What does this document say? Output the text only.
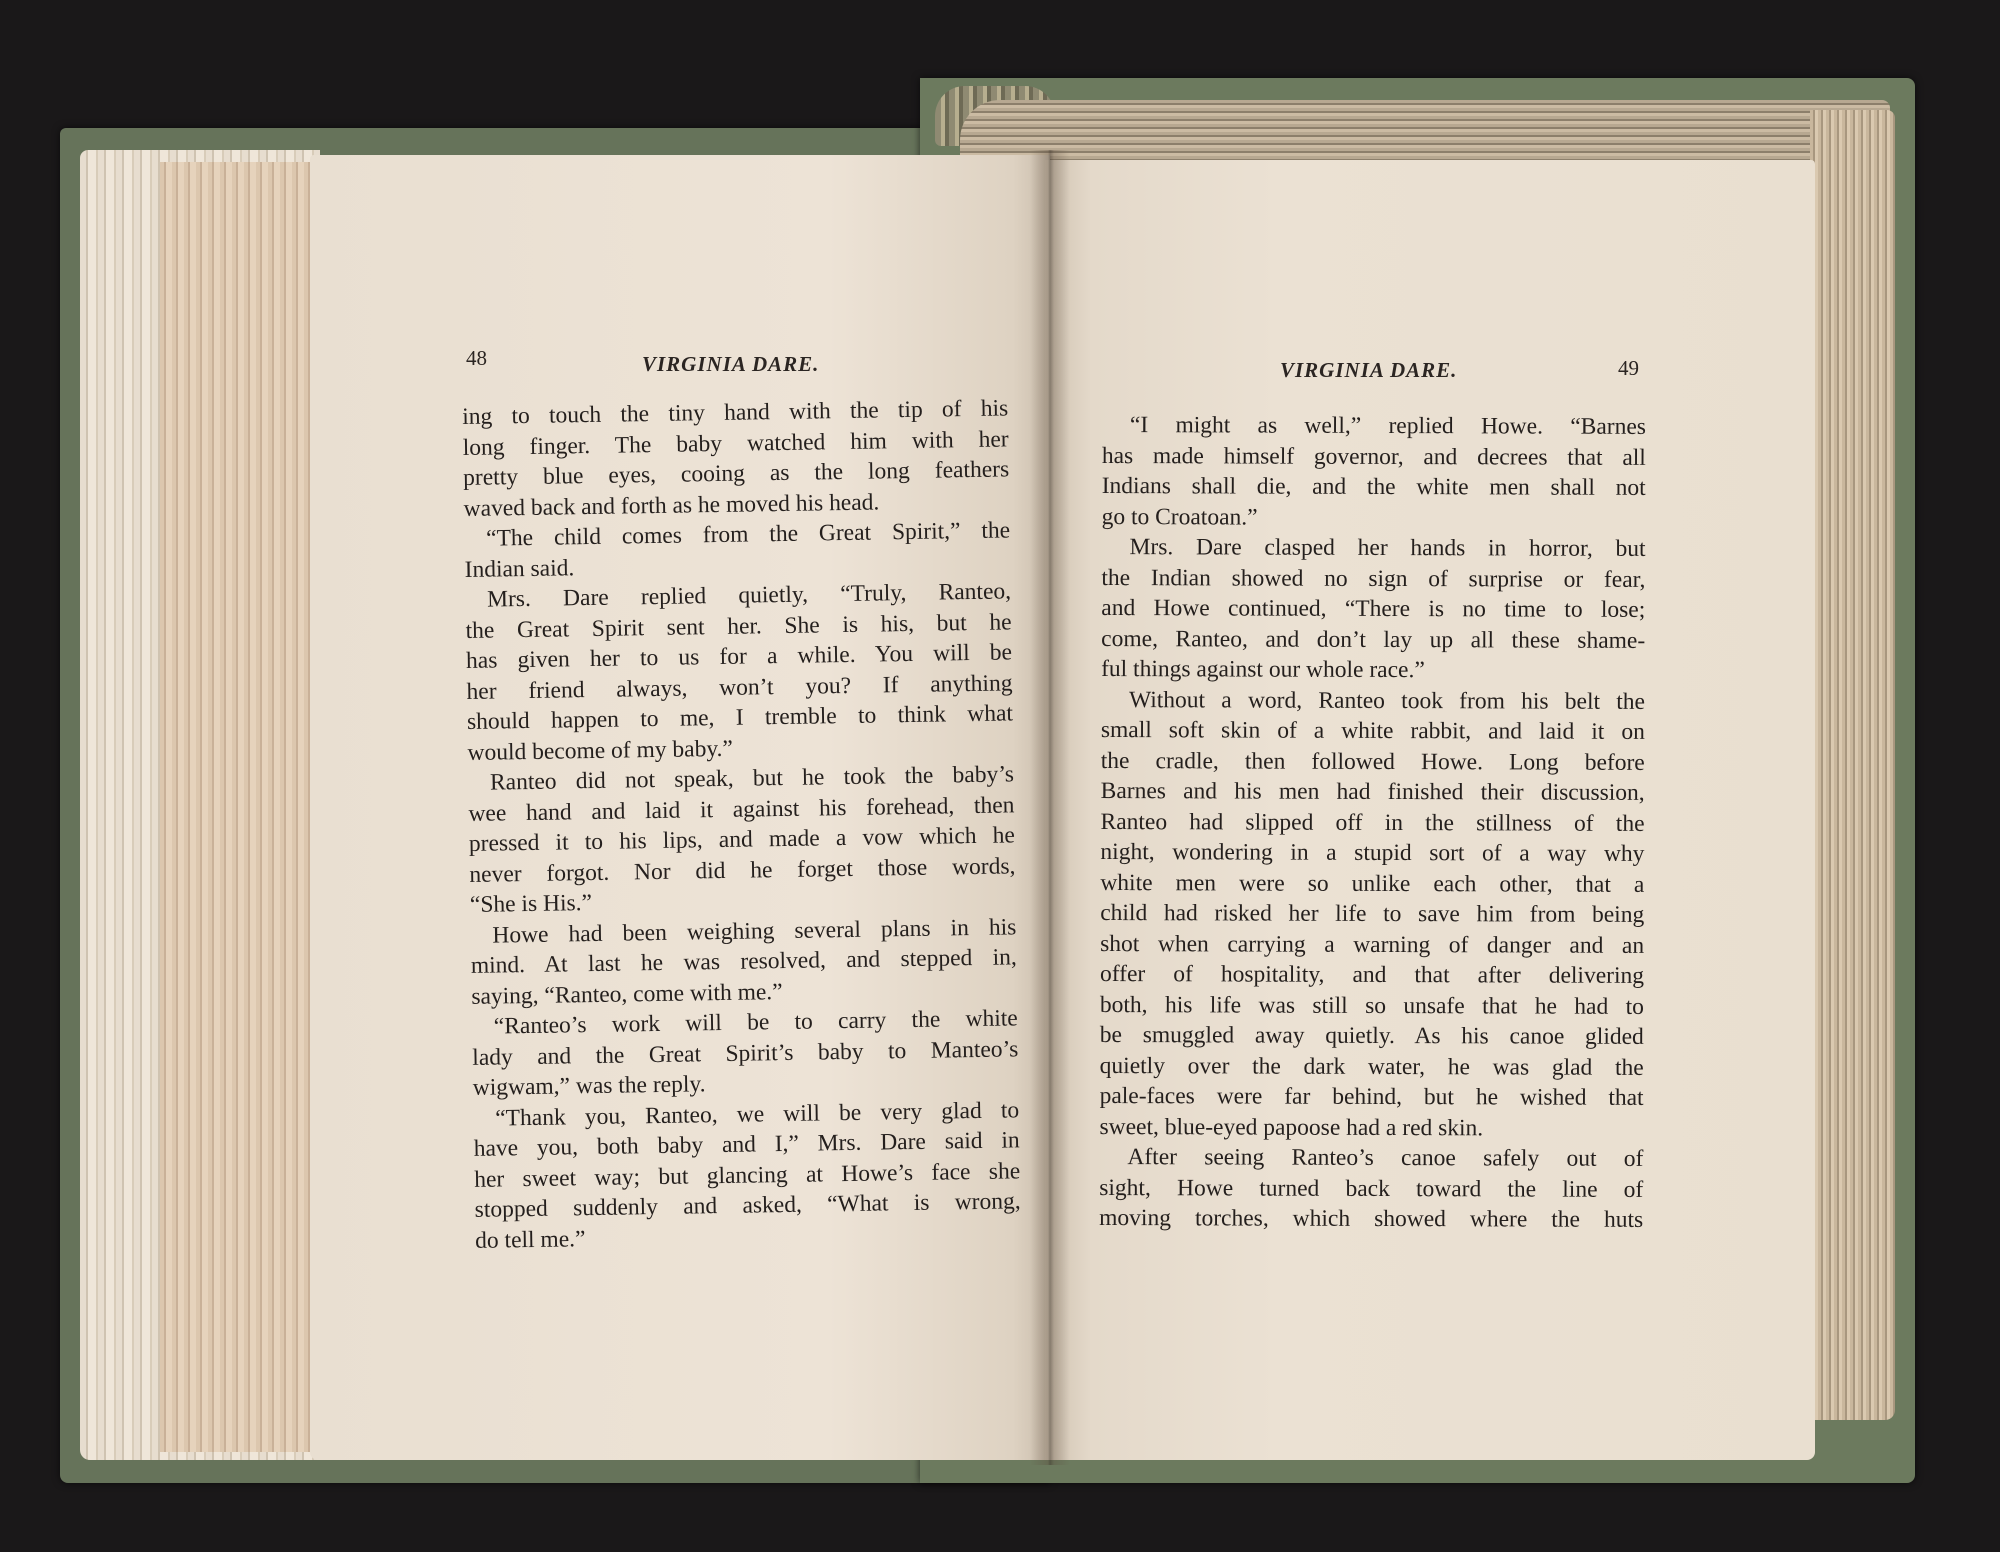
48	VIRGINIA DARE.	VIRGINIA DARE.	49
ing to touch the tiny hand with the tip of his
long finger. The baby watched him with her
pretty blue eyes, cooing as the long feathers
waved back and forth as he moved his head.
“The child comes from the Great Spirit,” the
Indian said.
Mrs. Dare replied quietly, “Truly, Ranteo,
the Great Spirit sent her. She is his, but he
has given her to us for a while. You will be
her friend always, won’t you? If anything
should happen to me, I tremble to think what
would become of my baby.”
Ranteo did not speak, but he took the baby’s
wee hand and laid it against his forehead, then
pressed it to his lips, and made a vow which he
never forgot. Nor did he forget those words,
“She is His.”
Howe had been weighing several plans in his
mind. At last he was resolved, and stepped in,
saying, “Ranteo, come with me.”
“Ranteo’s work will be to carry the white
lady and the Great Spirit’s baby to Manteo’s
wigwam,” was the reply.
“Thank you, Ranteo, we will be very glad to
have you, both baby and I,” Mrs. Dare said in
her sweet way; but glancing at Howe’s face she
stopped suddenly and asked, “What is wrong,
do tell me.”
“I might as well,” replied Howe. “Barnes
has made himself governor, and decrees that all
Indians shall die, and the white men shall not
go to Croatoan.”
Mrs. Dare clasped her hands in horror, but
the Indian showed no sign of surprise or fear,
and Howe continued, “There is no time to lose;
come, Ranteo, and don’t lay up all these shame-
ful things against our whole race.”
Without a word, Ranteo took from his belt the
small soft skin of a white rabbit, and laid it on
the cradle, then followed Howe. Long before
Barnes and his men had finished their discussion,
Ranteo had slipped off in the stillness of the
night, wondering in a stupid sort of a way why
white men were so unlike each other, that a
child had risked her life to save him from being
shot when carrying a warning of danger and an
offer of hospitality, and that after delivering
both, his life was still so unsafe that he had to
be smuggled away quietly. As his canoe glided
quietly over the dark water, he was glad the
pale-faces were far behind, but he wished that
sweet, blue-eyed papoose had a red skin.
After seeing Ranteo’s canoe safely out of
sight, Howe turned back toward the line of
moving torches, which showed where the huts
